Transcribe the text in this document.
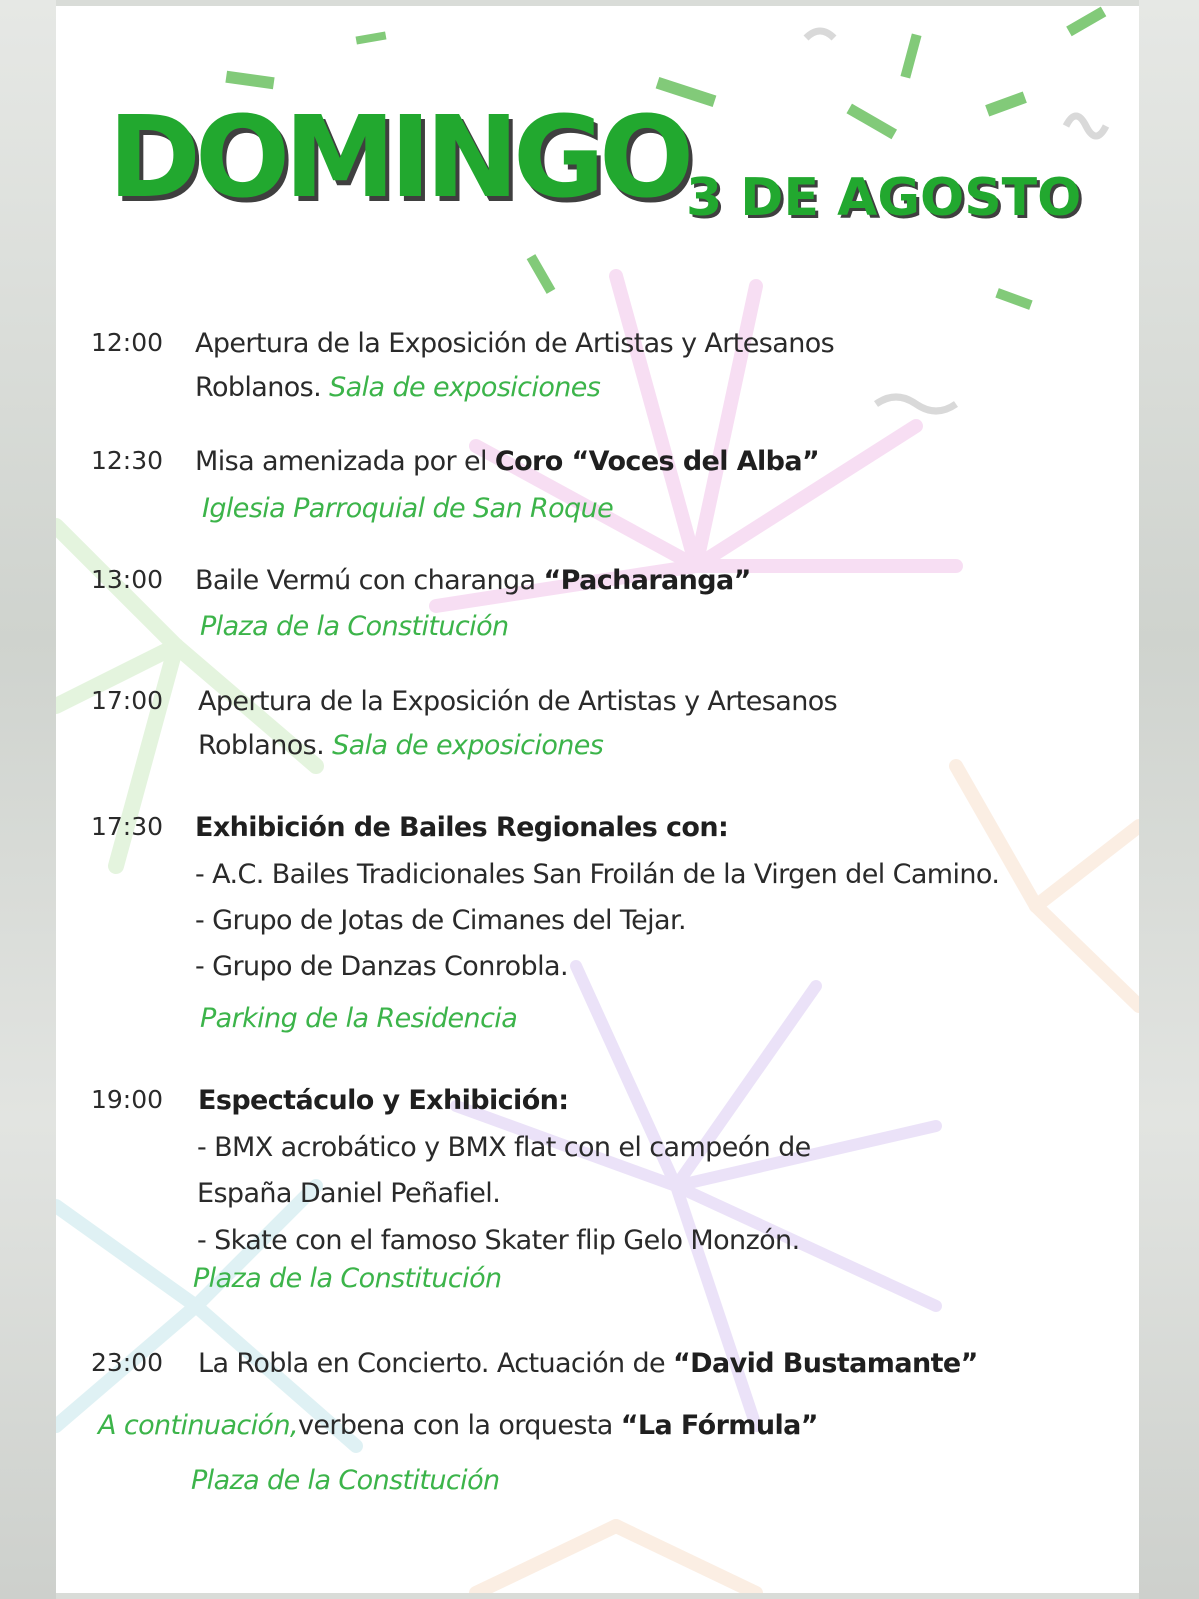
DOMINGO
3 DE AGOSTO
12:00 Apertura de la Exposición de Artistas y Artesanos
Roblanos. Sala de exposiciones
12:30 Misa amenizada por el Coro “Voces del Alba”
Iglesia Parroquial de San Roque
13:00 Baile Vermú con charanga “Pacharanga”
Plaza de la Constitución
17:00 Apertura de la Exposición de Artistas y Artesanos
Roblanos. Sala de exposiciones
17:30 Exhibición de Bailes Regionales con:
- A.C. Bailes Tradicionales San Froilán de la Virgen del Camino.
- Grupo de Jotas de Cimanes del Tejar.
- Grupo de Danzas Conrobla.
Parking de la Residencia
19:00 Espectáculo y Exhibición:
- BMX acrobático y BMX flat con el campeón de
España Daniel Peñafiel.
- Skate con el famoso Skater flip Gelo Monzón.
Plaza de la Constitución
23:00 La Robla en Concierto. Actuación de “David Bustamante”
A continuación,verbena con la orquesta “La Fórmula”
Plaza de la Constitución
